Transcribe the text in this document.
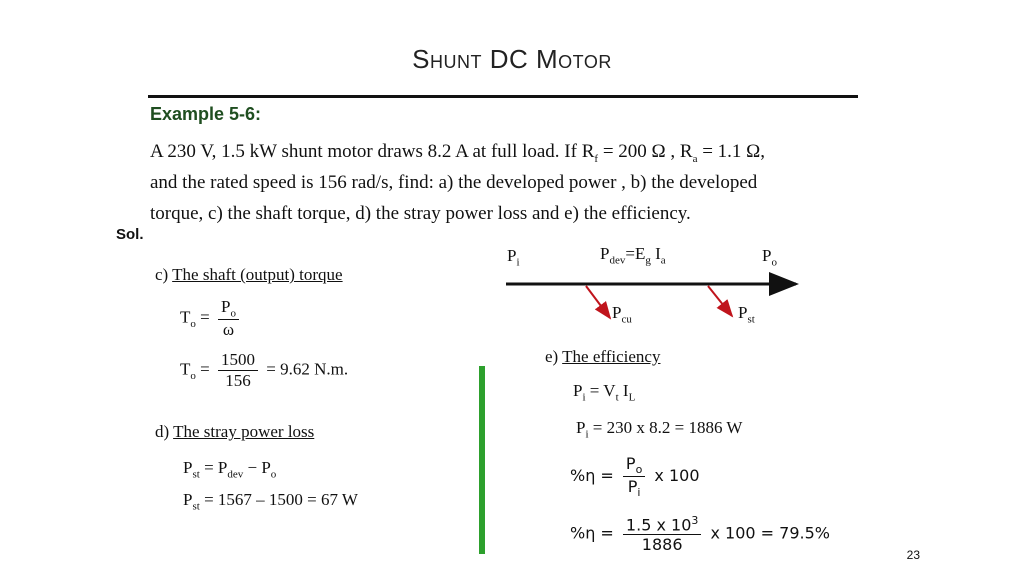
Shunt DC Motor
Example 5-6:
A 230 V, 1.5 kW shunt motor draws 8.2 A at full load. If $R_f = 200$ Ω , $R_a = 1.1$ Ω,
and the rated speed is 156 rad/s, find: a) the developed power , b) the developed
torque, c) the shaft torque, d) the stray power loss and e) the efficiency.
Sol.
c) The shaft (output) torque
$T_o = \frac{P_o}{\omega}$
$T_o = \frac{1500}{156} = 9.62$ N.m.
d) The stray power loss
$P_{st} = P_{dev} - P_o$
$P_{st} = 1567 - 1500 = 67$ W
$P_i$	$P_{dev}=E_g$ $I_a$	$P_o$
$P_{cu}$	$P_{st}$
e) The efficiency
$P_i = V_t$ $I_L$
$P_i = 230$ x 8.2 = 1886 W
$\%\eta = \frac{P_o}{P_i}$ x 100
$\%\eta = \frac{1.5 x 10^3}{1886}$ x 100 = 79.5%
23
